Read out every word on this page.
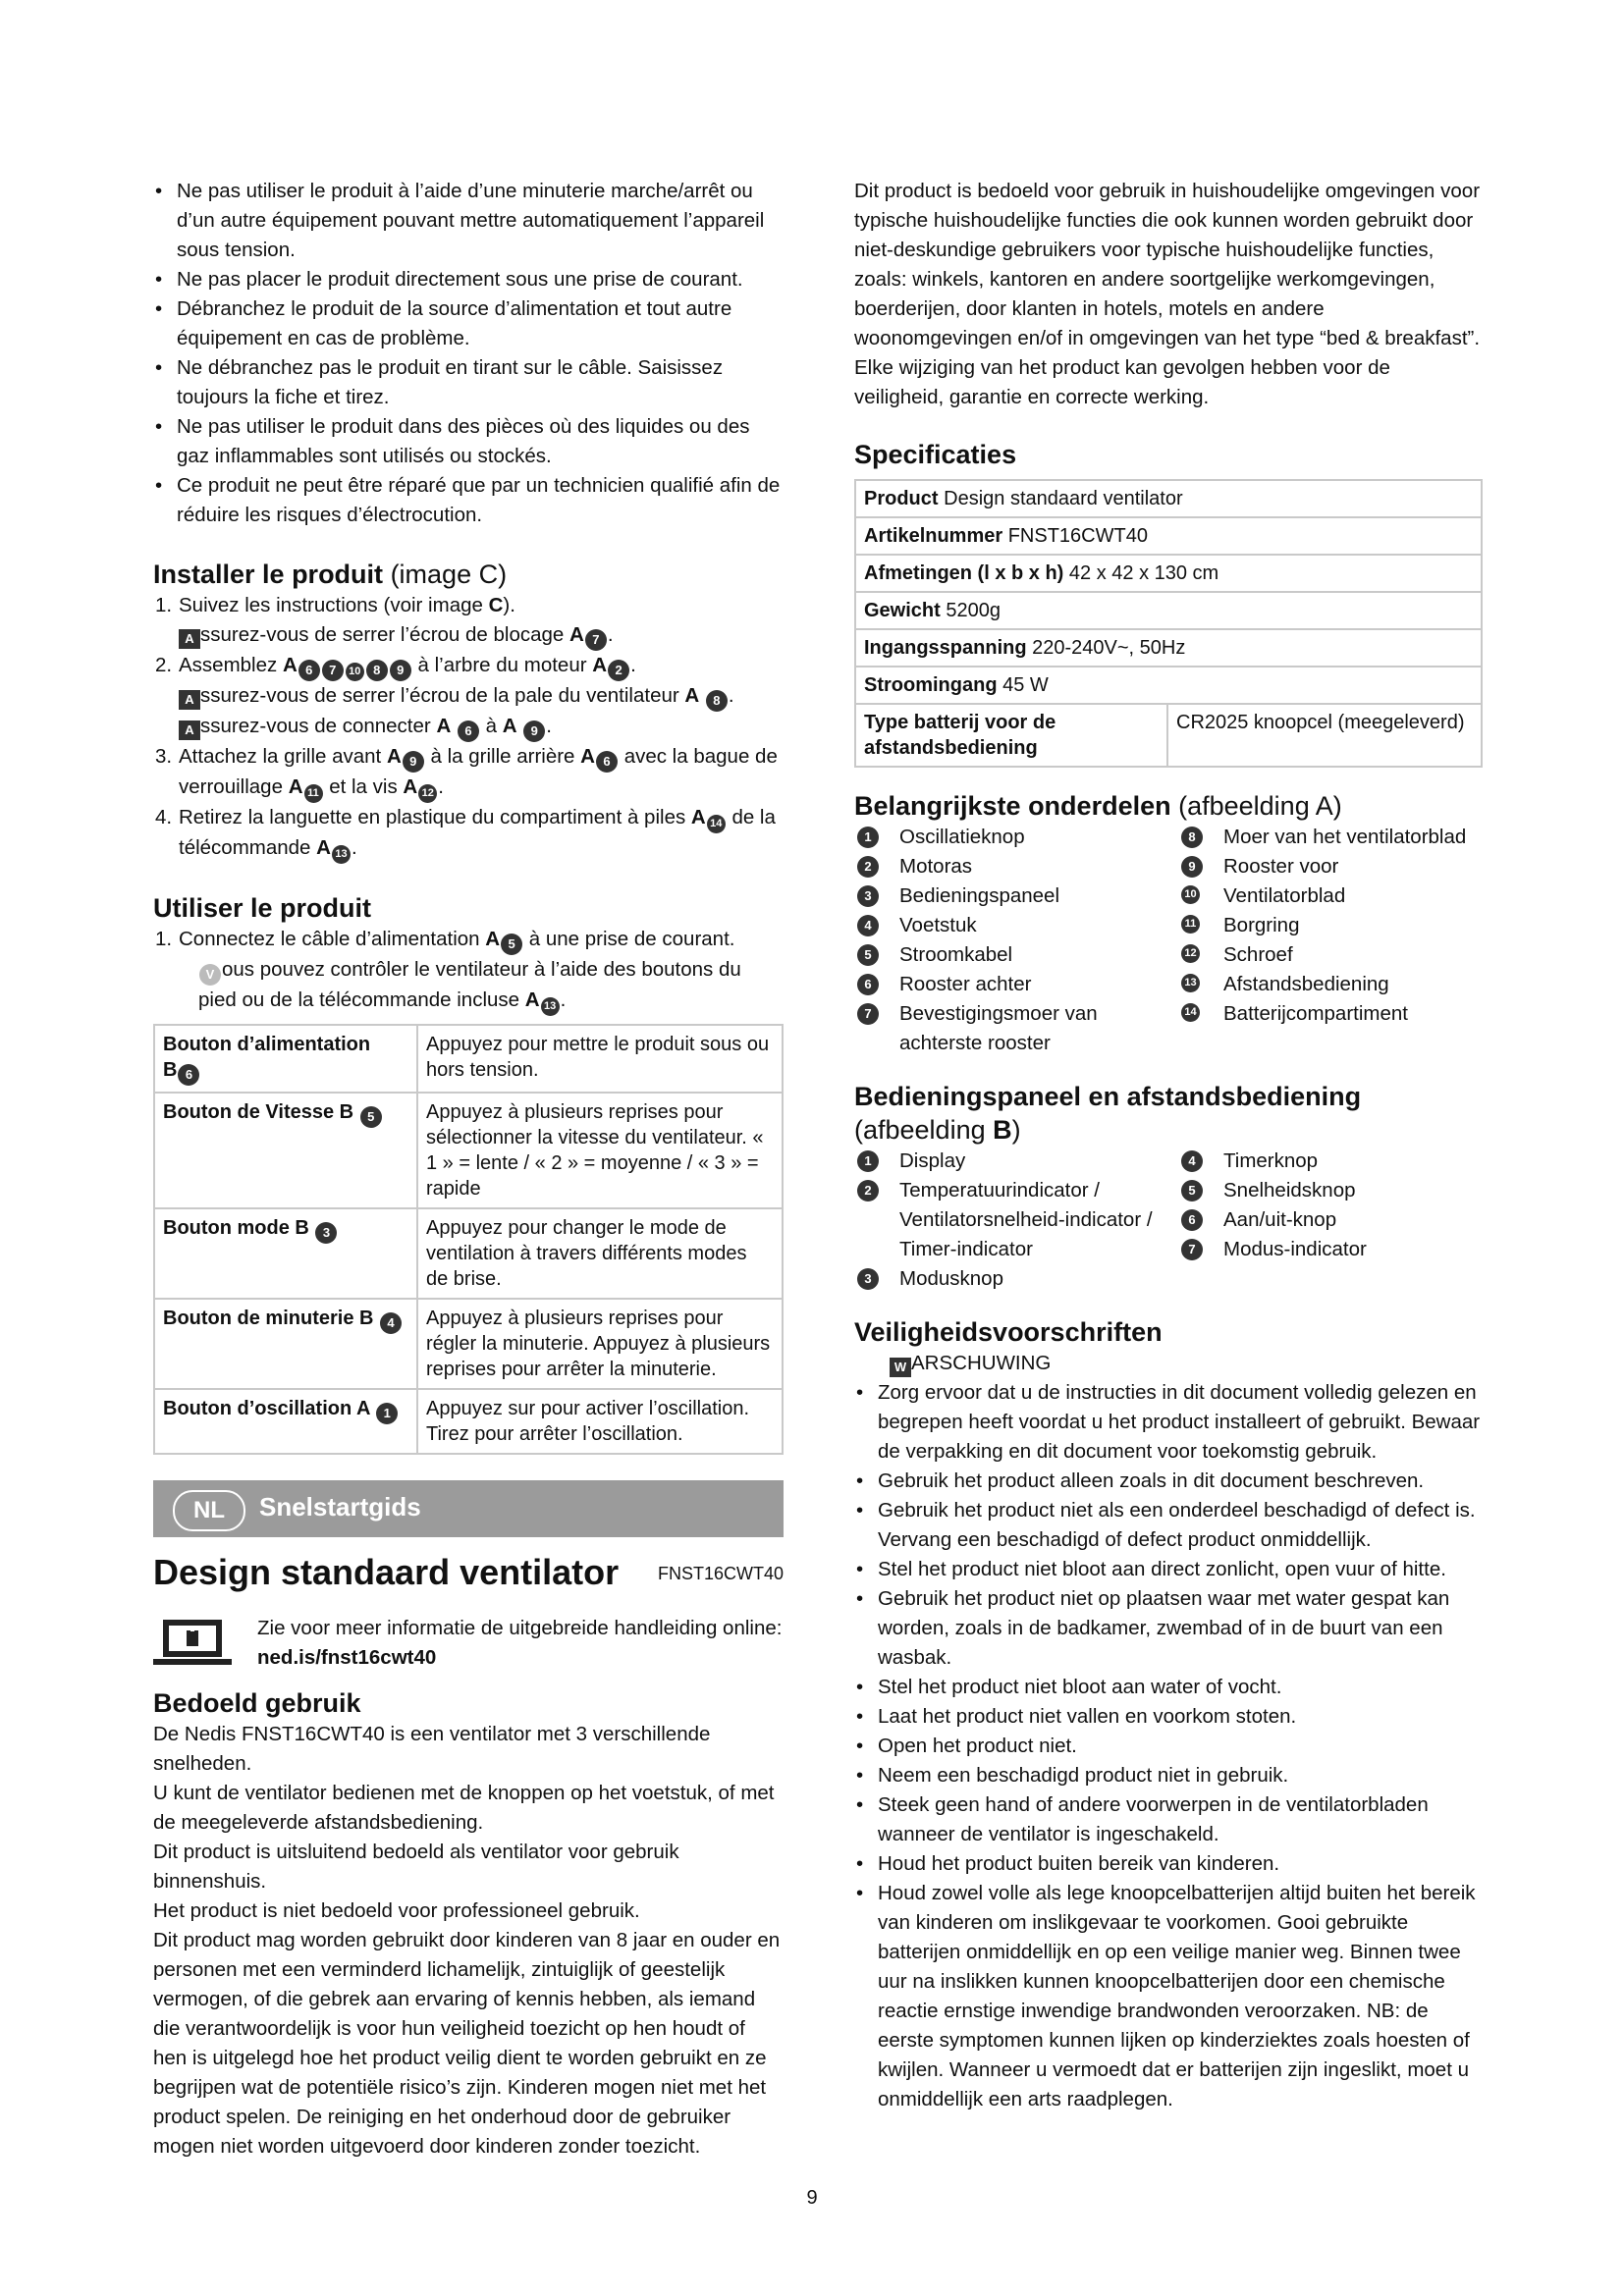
• Ne pas utiliser le produit à l’aide d’une minuterie marche/arrêt ou d’un autre équipement pouvant mettre automatiquement l’appareil sous tension.
• Ne pas placer le produit directement sous une prise de courant.
• Débranchez le produit de la source d’alimentation et tout autre équipement en cas de problème.
• Ne débranchez pas le produit en tirant sur le câble. Saisissez toujours la fiche et tirez.
• Ne pas utiliser le produit dans des pièces où des liquides ou des gaz inflammables sont utilisés ou stockés.
• Ce produit ne peut être réparé que par un technicien qualifié afin de réduire les risques d’électrocution.
Installer le produit (image C)
1. Suivez les instructions (voir image C).
A ssurez-vous de serrer l’écrou de blocage A 7 .
2. Assemblez A 6 7 10 8 9 à l’arbre du moteur A 2 .
A ssurez-vous de serrer l’écrou de la pale du ventilateur A 8 .
A ssurez-vous de connecter A 6 à A 9 .
3. Attachez la grille avant A 9 à la grille arrière A 6 avec la bague de verrouillage A 11 et la vis A 12 .
4. Retirez la languette en plastique du compartiment à piles A 14 de la télécommande A 13 .
Utiliser le produit
1. Connectez le câble d’alimentation A 5 à une prise de courant.
V ous pouvez contrôler le ventilateur à l’aide des boutons du pied ou de la télécommande incluse A 13 .
Bouton d’alimentation
B 6	Appuyez pour mettre le produit sous ou hors tension.
Bouton de Vitesse B 5	Appuyez à plusieurs reprises pour sélectionner la vitesse du ventilateur. « 1 » = lente / « 2 » = moyenne / « 3 » = rapide
Bouton mode B 3	Appuyez pour changer le mode de ventilation à travers différents modes de brise.
Bouton de minuterie B 4	Appuyez à plusieurs reprises pour régler la minuterie. Appuyez à plusieurs reprises pour arrêter la minuterie.
Bouton d’oscillation A 1	Appuyez sur pour activer l’oscillation. Tirez pour arrêter l’oscillation.
NL	Snelstartgids
Design standaard ventilator	FNST16CWT40
Zie voor meer informatie de uitgebreide handleiding online:
ned.is/fnst16cwt40
Bedoeld gebruik
De Nedis FNST16CWT40 is een ventilator met 3 verschillende snelheden.
U kunt de ventilator bedienen met de knoppen op het voetstuk, of met de meegeleverde afstandsbediening.
Dit product is uitsluitend bedoeld als ventilator voor gebruik binnenshuis.
Het product is niet bedoeld voor professioneel gebruik.
Dit product mag worden gebruikt door kinderen van 8 jaar en ouder en personen met een verminderd lichamelijk, zintuiglijk of geestelijk vermogen, of die gebrek aan ervaring of kennis hebben, als iemand die verantwoordelijk is voor hun veiligheid toezicht op hen houdt of hen is uitgelegd hoe het product veilig dient te worden gebruikt en ze begrijpen wat de potentiële risico’s zijn. Kinderen mogen niet met het product spelen. De reiniging en het onderhoud door de gebruiker mogen niet worden uitgevoerd door kinderen zonder toezicht.
Dit product is bedoeld voor gebruik in huishoudelijke omgevingen voor typische huishoudelijke functies die ook kunnen worden gebruikt door niet-deskundige gebruikers voor typische huishoudelijke functies, zoals: winkels, kantoren en andere soortgelijke werkomgevingen, boerderijen, door klanten in hotels, motels en andere woonomgevingen en/of in omgevingen van het type “bed & breakfast”.
Elke wijziging van het product kan gevolgen hebben voor de veiligheid, garantie en correcte werking.
Specificaties
Product Design standaard ventilator
Artikelnummer FNST16CWT40
Afmetingen (l x b x h) 42 x 42 x 130 cm
Gewicht 5200g
Ingangsspanning 220-240V~, 50Hz
Stroomingang 45 W
Type batterij voor de afstandsbediening	CR2025 knoopcel (meegeleverd)
Belangrijkste onderdelen (afbeelding A)
1	Oscillatieknop
2	Motoras
3	Bedieningspaneel
4	Voetstuk
5	Stroomkabel
6	Rooster achter
7	Bevestigingsmoer van achterste rooster
8	Moer van het ventilatorblad
9	Rooster voor
10 Ventilatorblad
11 Borgring
12 Schroef
13 Afstandsbediening
14 Batterijcompartiment
Bedieningspaneel en afstandsbediening
(afbeelding B)
1	Display
2	Temperatuurindicator / Ventilatorsnelheid-indicator / Timer-indicator
3	Modusknop
4	Timerknop
5	Snelheidsknop
6	Aan/uit-knop
7	Modus-indicator
Veiligheidsvoorschriften
W ARSCHUWING
• Zorg ervoor dat u de instructies in dit document volledig gelezen en begrepen heeft voordat u het product installeert of gebruikt. Bewaar de verpakking en dit document voor toekomstig gebruik.
• Gebruik het product alleen zoals in dit document beschreven.
• Gebruik het product niet als een onderdeel beschadigd of defect is. Vervang een beschadigd of defect product onmiddellijk.
• Stel het product niet bloot aan direct zonlicht, open vuur of hitte.
• Gebruik het product niet op plaatsen waar met water gespat kan worden, zoals in de badkamer, zwembad of in de buurt van een wasbak.
• Stel het product niet bloot aan water of vocht.
• Laat het product niet vallen en voorkom stoten.
• Open het product niet.
• Neem een beschadigd product niet in gebruik.
• Steek geen hand of andere voorwerpen in de ventilatorbladen wanneer de ventilator is ingeschakeld.
• Houd het product buiten bereik van kinderen.
• Houd zowel volle als lege knoopcelbatterijen altijd buiten het bereik van kinderen om inslikgevaar te voorkomen. Gooi gebruikte batterijen onmiddellijk en op een veilige manier weg. Binnen twee uur na inslikken kunnen knoopcelbatterijen door een chemische reactie ernstige inwendige brandwonden veroorzaken. NB: de eerste symptomen kunnen lijken op kinderziektes zoals hoesten of kwijlen. Wanneer u vermoedt dat er batterijen zijn ingeslikt, moet u onmiddellijk een arts raadplegen.
9
